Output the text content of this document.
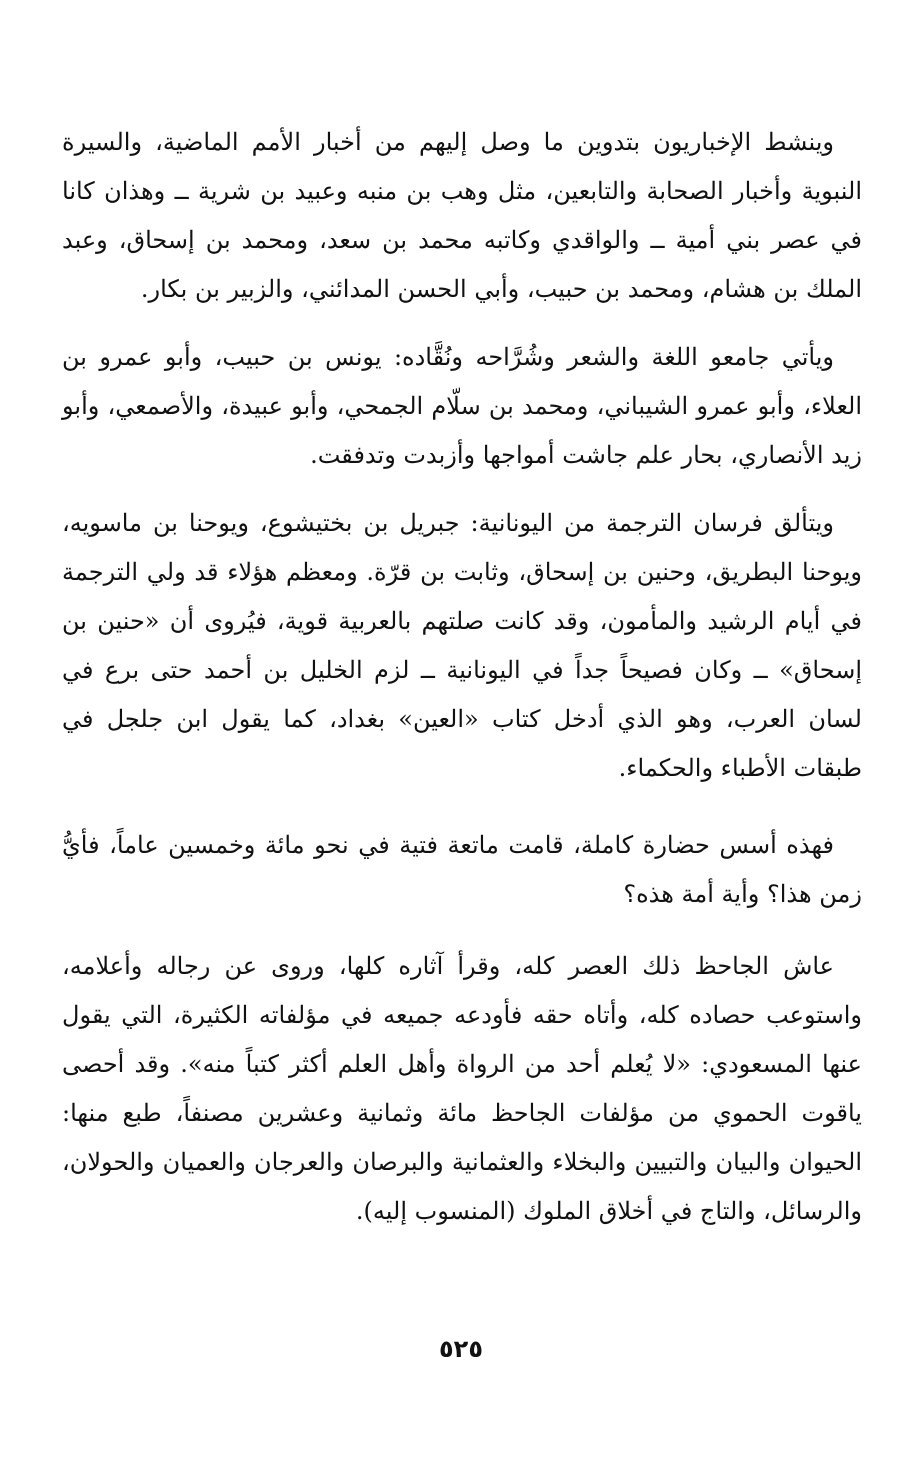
وينشط الإخباريون بتدوين ما وصل إليهم من أخبار الأمم الماضية، والسيرة النبوية وأخبار الصحابة والتابعين، مثل وهب بن منبه وعبيد بن شرية ــ وهذان كانا في عصر بني أمية ــ والواقدي وكاتبه محمد بن سعد، ومحمد بن إسحاق، وعبد الملك بن هشام، ومحمد بن حبيب، وأبي الحسن المدائني، والزبير بن بكار.

ويأتي جامعو اللغة والشعر وشُرَّاحه ونُقَّاده: يونس بن حبيب، وأبو عمرو بن العلاء، وأبو عمرو الشيباني، ومحمد بن سلّام الجمحي، وأبو عبيدة، والأصمعي، وأبو زيد الأنصاري، بحار علم جاشت أمواجها وأزبدت وتدفقت.

ويتألق فرسان الترجمة من اليونانية: جبريل بن بختيشوع، ويوحنا بن ماسويه، ويوحنا البطريق، وحنين بن إسحاق، وثابت بن قرّة. ومعظم هؤلاء قد ولي الترجمة في أيام الرشيد والمأمون، وقد كانت صلتهم بالعربية قوية، فيُروى أن «حنين بن إسحاق» ــ وكان فصيحاً جداً في اليونانية ــ لزم الخليل بن أحمد حتى برع في لسان العرب، وهو الذي أدخل كتاب «العين» بغداد، كما يقول ابن جلجل في طبقات الأطباء والحكماء.

فهذه أسس حضارة كاملة، قامت ماتعة فتية في نحو مائة وخمسين عاماً، فأيُّ زمن هذا؟ وأية أمة هذه؟

عاش الجاحظ ذلك العصر كله، وقرأ آثاره كلها، وروى عن رجاله وأعلامه، واستوعب حصاده كله، وأتاه حقه فأودعه جميعه في مؤلفاته الكثيرة، التي يقول عنها المسعودي: «لا يُعلم أحد من الرواة وأهل العلم أكثر كتباً منه». وقد أحصى ياقوت الحموي من مؤلفات الجاحظ مائة وثمانية وعشرين مصنفاً، طبع منها: الحيوان والبيان والتبيين والبخلاء والعثمانية والبرصان والعرجان والعميان والحولان، والرسائل، والتاج في أخلاق الملوك (المنسوب إليه).

٥٢٥
